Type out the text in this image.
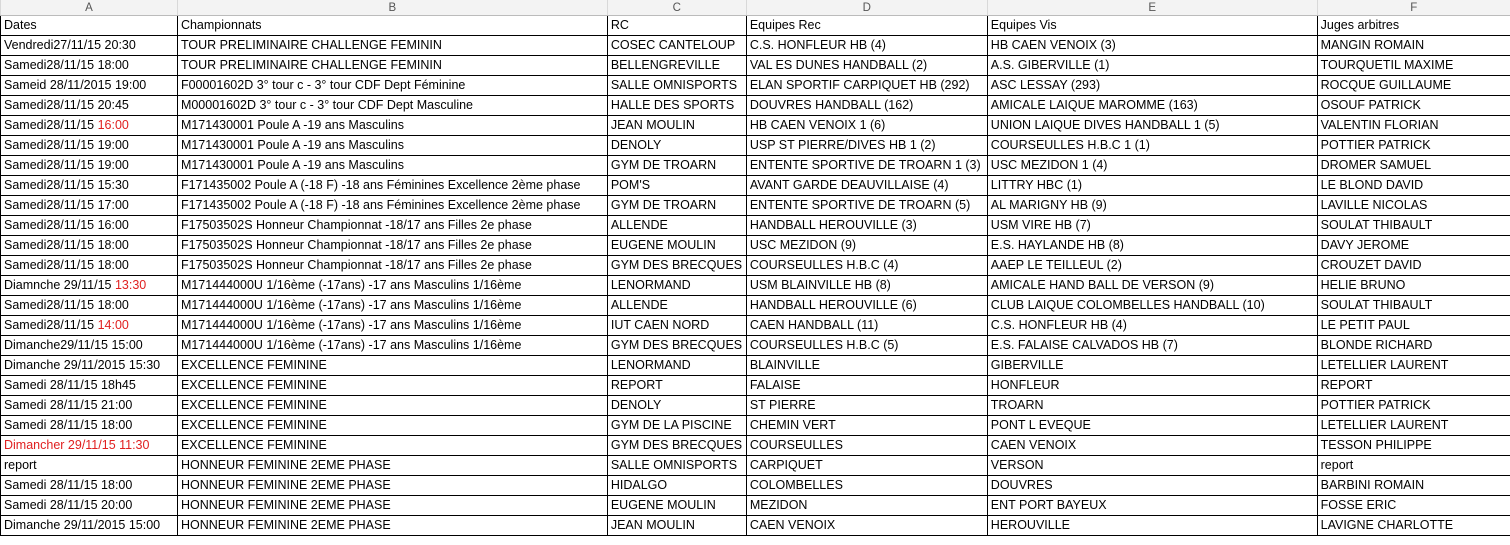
A	B	C	D	E	F
Dates	Championnats	RC	Equipes Rec	Equipes Vis	Juges arbitres
Vendredi27/11/15 20:30	TOUR PRELIMINAIRE CHALLENGE FEMININ	COSEC CANTELOUP	C.S. HONFLEUR HB (4)	HB CAEN VENOIX (3)	MANGIN ROMAIN
Samedi28/11/15 18:00	TOUR PRELIMINAIRE CHALLENGE FEMININ	BELLENGREVILLE	VAL ES DUNES HANDBALL (2)	A.S. GIBERVILLE (1)	TOURQUETIL MAXIME
Sameid 28/11/2015 19:00	F00001602D 3° tour c - 3° tour CDF Dept Féminine	SALLE OMNISPORTS	ELAN SPORTIF CARPIQUET HB (292)	ASC LESSAY (293)	ROCQUE GUILLAUME
Samedi28/11/15 20:45	M00001602D 3° tour c - 3° tour CDF Dept Masculine	HALLE DES SPORTS	DOUVRES HANDBALL (162)	AMICALE LAIQUE MAROMME (163)	OSOUF PATRICK
Samedi28/11/15 16:00	M171430001 Poule A -19 ans Masculins	JEAN MOULIN	HB CAEN VENOIX 1 (6)	UNION LAIQUE DIVES HANDBALL 1 (5)	VALENTIN FLORIAN
Samedi28/11/15 19:00	M171430001 Poule A -19 ans Masculins	DENOLY	USP ST PIERRE/DIVES HB 1 (2)	COURSEULLES H.B.C 1 (1)	POTTIER PATRICK
Samedi28/11/15 19:00	M171430001 Poule A -19 ans Masculins	GYM DE TROARN	ENTENTE SPORTIVE DE TROARN 1 (3)	USC MEZIDON 1 (4)	DROMER SAMUEL
Samedi28/11/15 15:30	F171435002 Poule A (-18 F) -18 ans Féminines Excellence 2ème phase	POM'S	AVANT GARDE DEAUVILLAISE (4)	LITTRY HBC (1)	LE BLOND DAVID
Samedi28/11/15 17:00	F171435002 Poule A (-18 F) -18 ans Féminines Excellence 2ème phase	GYM DE TROARN	ENTENTE SPORTIVE DE TROARN (5)	AL MARIGNY HB (9)	LAVILLE NICOLAS
Samedi28/11/15 16:00	F17503502S Honneur Championnat -18/17 ans Filles 2e phase	ALLENDE	HANDBALL HEROUVILLE (3)	USM VIRE HB (7)	SOULAT THIBAULT
Samedi28/11/15 18:00	F17503502S Honneur Championnat -18/17 ans Filles 2e phase	EUGENE MOULIN	USC MEZIDON (9)	E.S. HAYLANDE HB (8)	DAVY JEROME
Samedi28/11/15 18:00	F17503502S Honneur Championnat -18/17 ans Filles 2e phase	GYM DES BRECQUES	COURSEULLES H.B.C (4)	AAEP LE TEILLEUL (2)	CROUZET DAVID
Diamnche 29/11/15 13:30	M171444000U 1/16ème (-17ans) -17 ans Masculins 1/16ème	LENORMAND	USM BLAINVILLE HB (8)	AMICALE HAND BALL DE VERSON (9)	HELIE BRUNO
Samedi28/11/15 18:00	M171444000U 1/16ème (-17ans) -17 ans Masculins 1/16ème	ALLENDE	HANDBALL HEROUVILLE (6)	CLUB LAIQUE COLOMBELLES HANDBALL (10)	SOULAT THIBAULT
Samedi28/11/15 14:00	M171444000U 1/16ème (-17ans) -17 ans Masculins 1/16ème	IUT CAEN NORD	CAEN HANDBALL (11)	C.S. HONFLEUR HB (4)	LE PETIT PAUL
Dimanche29/11/15 15:00	M171444000U 1/16ème (-17ans) -17 ans Masculins 1/16ème	GYM DES BRECQUES	COURSEULLES H.B.C (5)	E.S. FALAISE CALVADOS HB (7)	BLONDE RICHARD
Dimanche 29/11/2015 15:30	EXCELLENCE FEMININE	LENORMAND	BLAINVILLE	GIBERVILLE	LETELLIER LAURENT
Samedi 28/11/15 18h45	EXCELLENCE FEMININE	REPORT	FALAISE	HONFLEUR	REPORT
Samedi 28/11/15 21:00	EXCELLENCE FEMININE	DENOLY	ST PIERRE	TROARN	POTTIER PATRICK
Samedi 28/11/15 18:00	EXCELLENCE FEMININE	GYM DE LA PISCINE	CHEMIN VERT	PONT L EVEQUE	LETELLIER LAURENT
Dimancher 29/11/15 11:30	EXCELLENCE FEMININE	GYM DES BRECQUES	COURSEULLES	CAEN VENOIX	TESSON PHILIPPE
report	HONNEUR FEMININE 2EME PHASE	SALLE OMNISPORTS	CARPIQUET	VERSON	report
Samedi 28/11/15 18:00	HONNEUR FEMININE 2EME PHASE	HIDALGO	COLOMBELLES	DOUVRES	BARBINI ROMAIN
Samedi 28/11/15 20:00	HONNEUR FEMININE 2EME PHASE	EUGENE MOULIN	MEZIDON	ENT PORT BAYEUX	FOSSE ERIC
Dimanche 29/11/2015 15:00	HONNEUR FEMININE 2EME PHASE	JEAN MOULIN	CAEN VENOIX	HEROUVILLE	LAVIGNE CHARLOTTE
